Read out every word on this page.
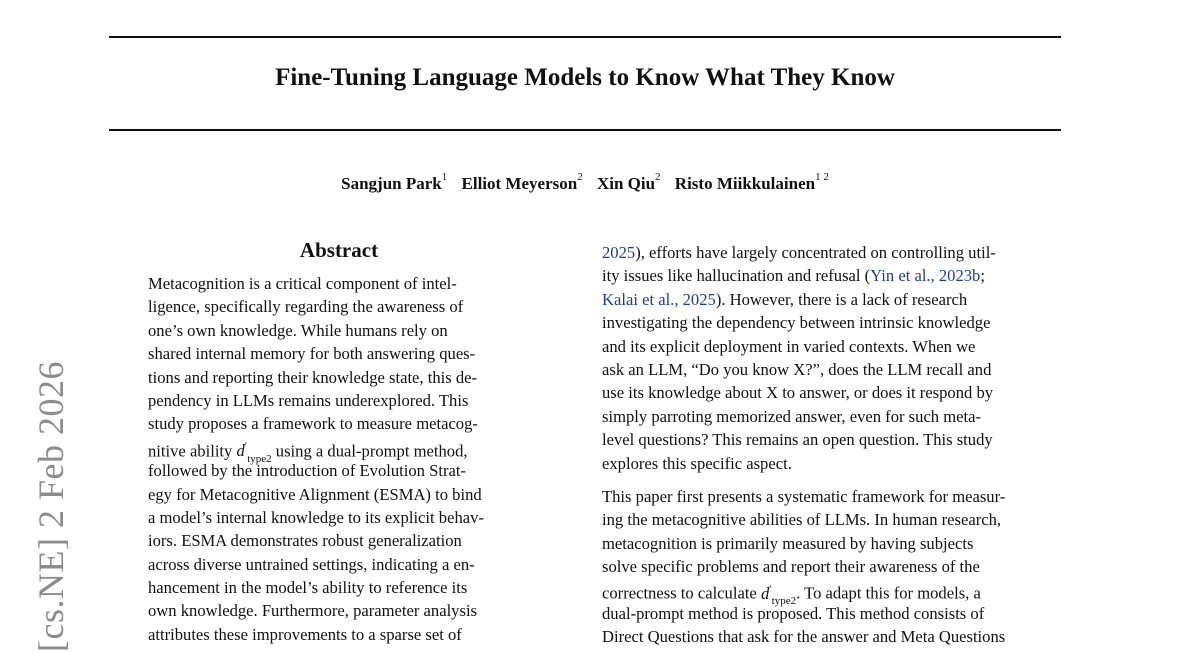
Fine-Tuning Language Models to Know What They Know
Sangjun Park$^1$ Elliot Meyerson$^2$ Xin Qiu$^2$ Risto Miikkulainen$^{1 2}$
[cs.NE] 2 Feb 2026
Abstract
Metacognition is a critical component of intel-
ligence, specifically regarding the awareness of
one’s own knowledge. While humans rely on
shared internal memory for both answering ques-
tions and reporting their knowledge state, this de-
pendency in LLMs remains underexplored. This
study proposes a framework to measure metacog-
nitive ability $d'_{type2}$ using a dual-prompt method,
followed by the introduction of Evolution Strat-
egy for Metacognitive Alignment (ESMA) to bind
a model’s internal knowledge to its explicit behav-
iors. ESMA demonstrates robust generalization
across diverse untrained settings, indicating a en-
hancement in the model’s ability to reference its
own knowledge. Furthermore, parameter analysis
attributes these improvements to a sparse set of
2025), efforts have largely concentrated on controlling util-
ity issues like hallucination and refusal (Yin et al., 2023b;
Kalai et al., 2025). However, there is a lack of research
investigating the dependency between intrinsic knowledge
and its explicit deployment in varied contexts. When we
ask an LLM, “Do you know X?”, does the LLM recall and
use its knowledge about X to answer, or does it respond by
simply parroting memorized answer, even for such meta-
level questions? This remains an open question. This study
explores this specific aspect.
This paper first presents a systematic framework for measur-
ing the metacognitive abilities of LLMs. In human research,
metacognition is primarily measured by having subjects
solve specific problems and report their awareness of the
correctness to calculate $d'_{type2}$. To adapt this for models, a
dual-prompt method is proposed. This method consists of
Direct Questions that ask for the answer and Meta Questions
